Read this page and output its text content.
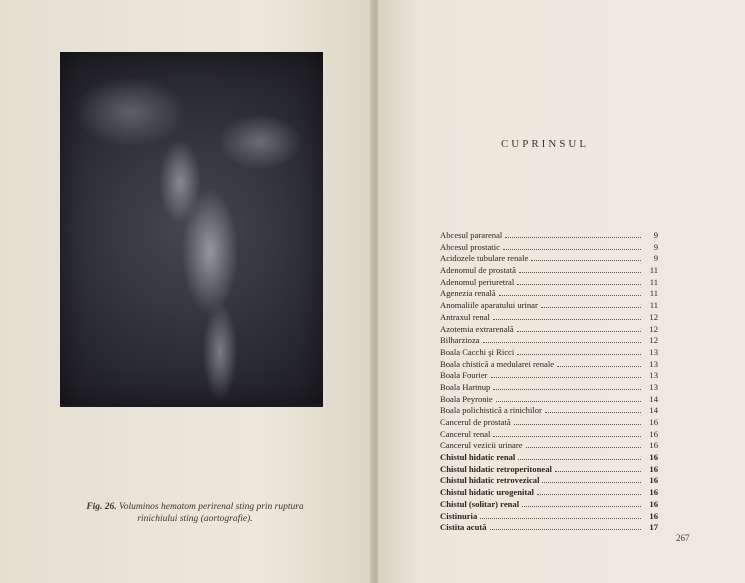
Fig. 26. Voluminos hematom perirenal sting prin ruptura rinichiului sting (aortografie).
CUPRINSUL
Abcesul pararenal	9
Abcesul prostatic	9
Acidozele tubulare renale	9
Adenomul de prostată	11
Adenomul periuretral	11
Agenezia renală	11
Anomaliile aparatului urinar	11
Antraxul renal	12
Azotemia extrarenală	12
Bilharzioza	12
Boala Cacchi şi Ricci	13
Boala chistică a medularei renale	13
Boala Fourier	13
Boala Hartnup	13
Boala Peyronie	14
Boala polichistică a rinichilor	14
Cancerul de prostată	16
Cancerul renal	16
Cancerul vezicii urinare	16
Chistul hidatic renal	16
Chistul hidatic retroperitoneal	16
Chistul hidatic retrovezical	16
Chistul hidatic urogenital	16
Chistul (solitar) renal	16
Cistinuria	16
Cistita acută	17
267
